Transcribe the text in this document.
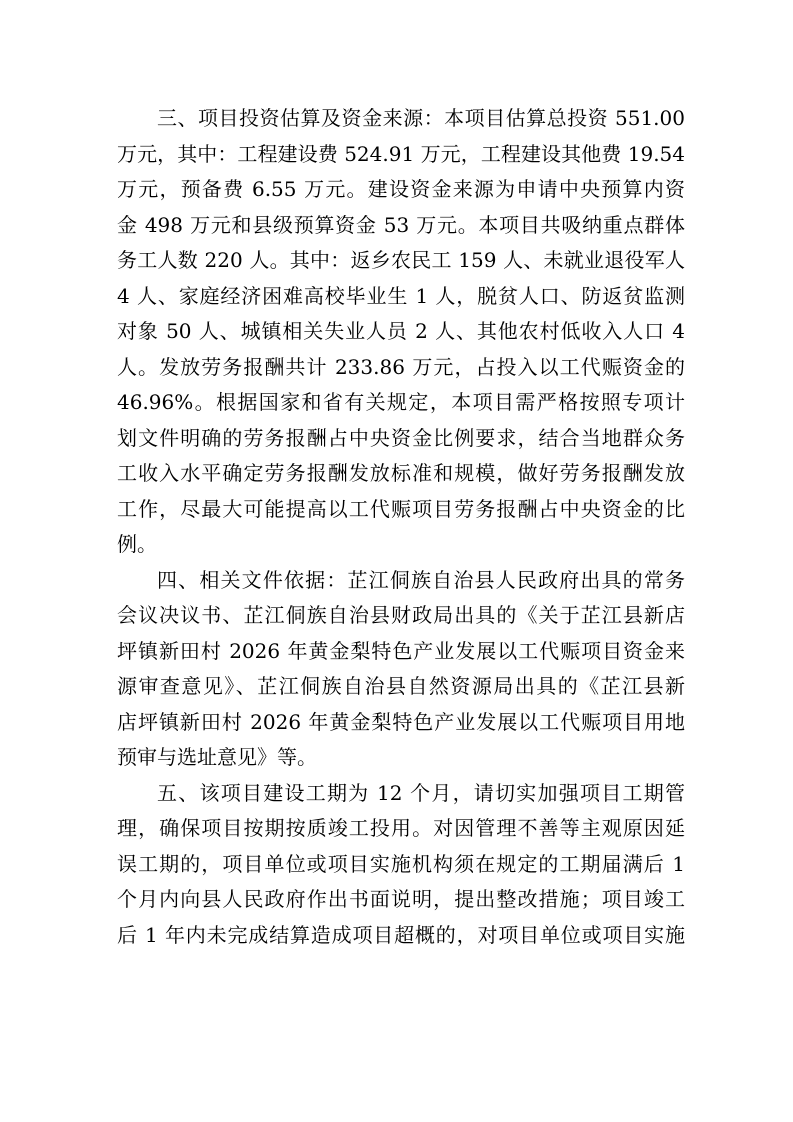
三、项目投资估算及资金来源：本项目估算总投资 551.00
万元，其中：工程建设费 524.91 万元，工程建设其他费 19.54
万元，预备费 6.55 万元。建设资金来源为申请中央预算内资
金 498 万元和县级预算资金 53 万元。本项目共吸纳重点群体
务工人数 220 人。其中：返乡农民工 159 人、未就业退役军人
4 人、家庭经济困难高校毕业生 1 人，脱贫人口、防返贫监测
对象 50 人、城镇相关失业人员 2 人、其他农村低收入人口 4
人。发放劳务报酬共计 233.86 万元，占投入以工代赈资金的
46.96%。根据国家和省有关规定，本项目需严格按照专项计
划文件明确的劳务报酬占中央资金比例要求，结合当地群众务
工收入水平确定劳务报酬发放标准和规模，做好劳务报酬发放
工作，尽最大可能提高以工代赈项目劳务报酬占中央资金的比
例。
四、相关文件依据：芷江侗族自治县人民政府出具的常务
会议决议书、芷江侗族自治县财政局出具的《关于芷江县新店
坪镇新田村 2026 年黄金梨特色产业发展以工代赈项目资金来
源审查意见》、芷江侗族自治县自然资源局出具的《芷江县新
店坪镇新田村 2026 年黄金梨特色产业发展以工代赈项目用地
预审与选址意见》等。
五、该项目建设工期为 12 个月，请切实加强项目工期管
理，确保项目按期按质竣工投用。对因管理不善等主观原因延
误工期的，项目单位或项目实施机构须在规定的工期届满后 1
个月内向县人民政府作出书面说明，提出整改措施；项目竣工
后 1 年内未完成结算造成项目超概的，对项目单位或项目实施
